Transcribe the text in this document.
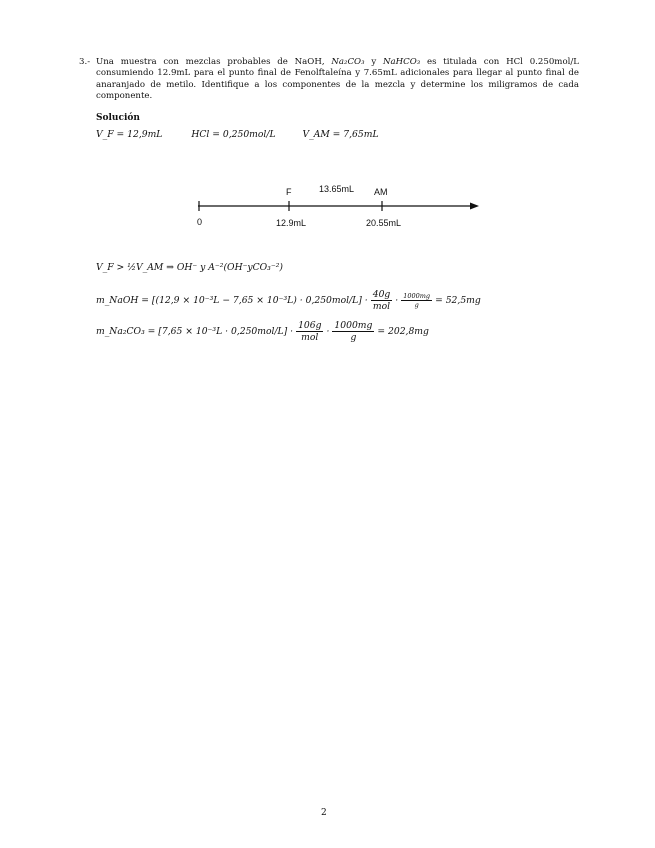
3.- Una muestra con mezclas probables de NaOH, Na₂CO₃ y NaHCO₃ es titulada con HCl 0.250mol/L consumiendo 12.9mL para el punto final de Fenolftaleína y 7.65mL adicionales para llegar al punto final de anaranjado de metilo. Identifique a los componentes de la mezcla y determine los miligramos de cada componente.
Solución
V_F = 12,9mL	HCl = 0,250mol/L	V_AM = 7,65mL
F	13.65mL AM
0	12.9mL	20.55mL
V_F > ½V_AM ⇒ OH⁻ y A⁻²(OH⁻yCO₃⁻²)
m_NaOH = $[(12,9 \times 10^{-3}L - 7,65 \times 10^{-3}L) \cdot 0,250mol/L] \cdot \frac{40g}{\text{mol}} \cdot \frac{1000mg}{g} = 52,5mg$
m_Na₂CO₃ = $[7,65 \times 10^{-3}L \cdot 0,250mol/L] \cdot \frac{106g}{\text{mol}} \cdot \frac{1000mg}{g} = 202,8mg$
2
